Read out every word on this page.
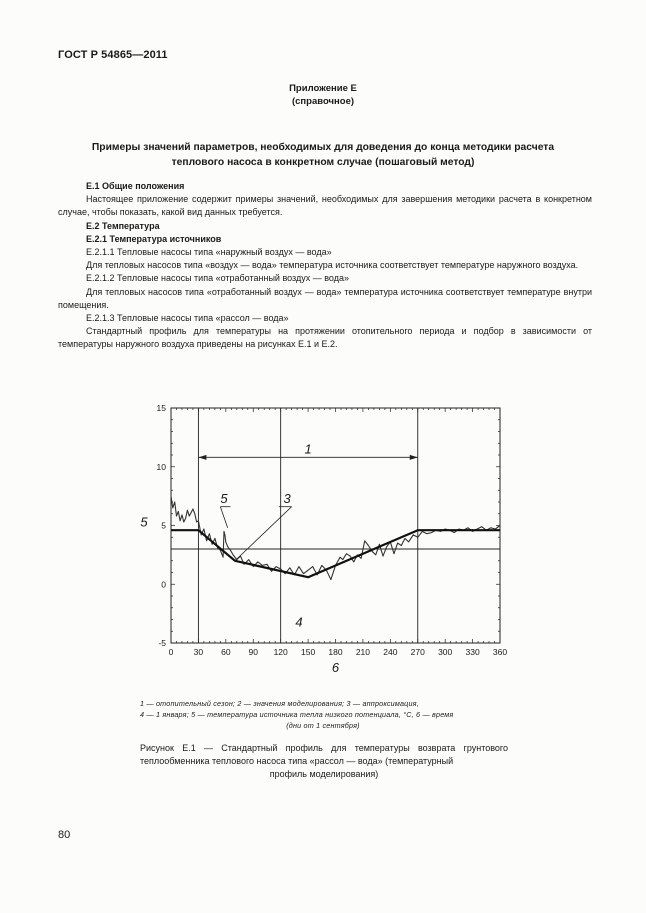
ГОСТ Р 54865—2011
Приложение Е
(справочное)
Примеры значений параметров, необходимых для доведения до конца методики расчета
теплового насоса в конкретном случае (пошаговый метод)

Е.1 Общие положения

Настоящее приложение содержит примеры значений, необходимых для завершения методики расчета в конкретном случае, чтобы показать, какой вид данных требуется.

Е.2 Температура

Е.2.1 Температура источников

Е.2.1.1 Тепловые насосы типа «наружный воздух — вода»

Для тепловых насосов типа «воздух — вода» температура источника соответствует температуре наружного воздуха.

Е.2.1.2 Тепловые насосы типа «отработанный воздух — вода»

Для тепловых насосов типа «отработанный воздух — вода» температура источника соответствует температуре внутри помещения.

Е.2.1.3 Тепловые насосы типа «рассол — вода»

Стандартный профиль для температуры на протяжении отопительного периода и подбор в зависимости от температуры наружного воздуха приведены на рисунках Е.1 и Е.2.

0 30 60 90 120 150 180 210 240 270 300 330 360
-5
0
5
10
15
1
5	3
4
5
6
1 — отопительный сезон; 2 — значения моделирования; 3 — аппроксимация,
4 — 1 января; 5 — температура источника тепла низкого потенциала, °С, 6 — время
(дни от 1 сентября)
Рисунок Е.1 — Стандартный профиль для температуры возврата грунтового теплообменника теплового насоса типа «рассол — вода» (температурный
профиль моделирования)
80
